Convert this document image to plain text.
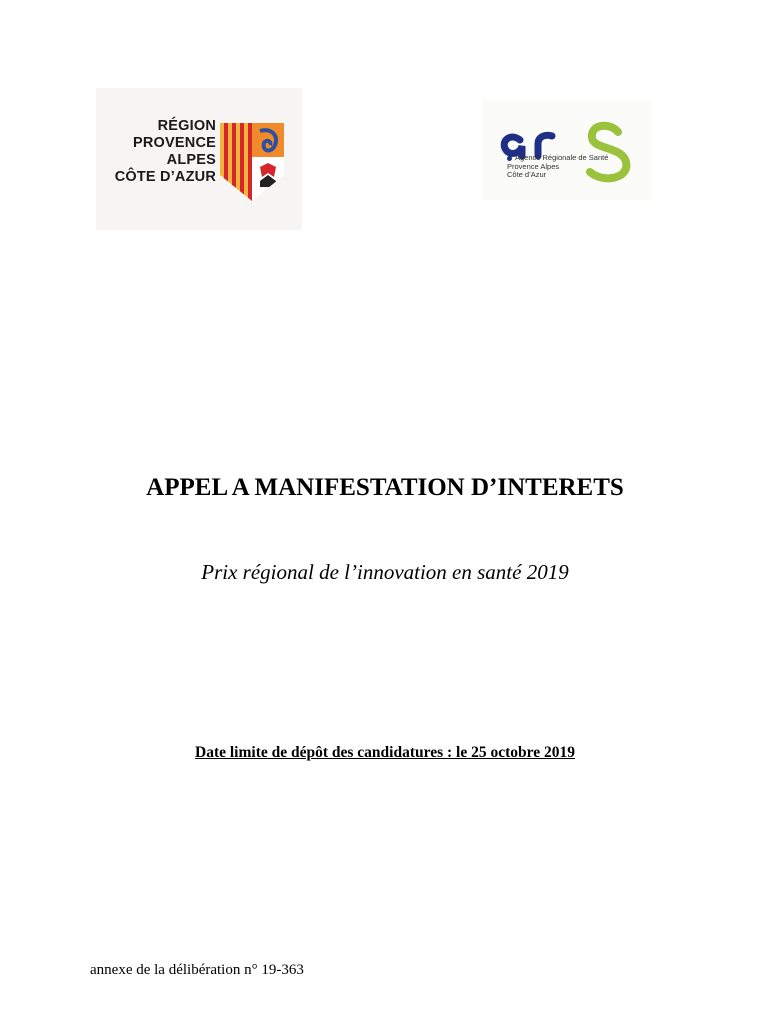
RÉGION
PROVENCE
ALPES
CÔTE D’AZUR
Agence Régionale de Santé
Provence Alpes
Côte d’Azur
APPEL A MANIFESTATION D’INTERETS
Prix régional de l’innovation en santé 2019
Date limite de dépôt des candidatures : le 25 octobre 2019
annexe de la délibération n° 19-363
